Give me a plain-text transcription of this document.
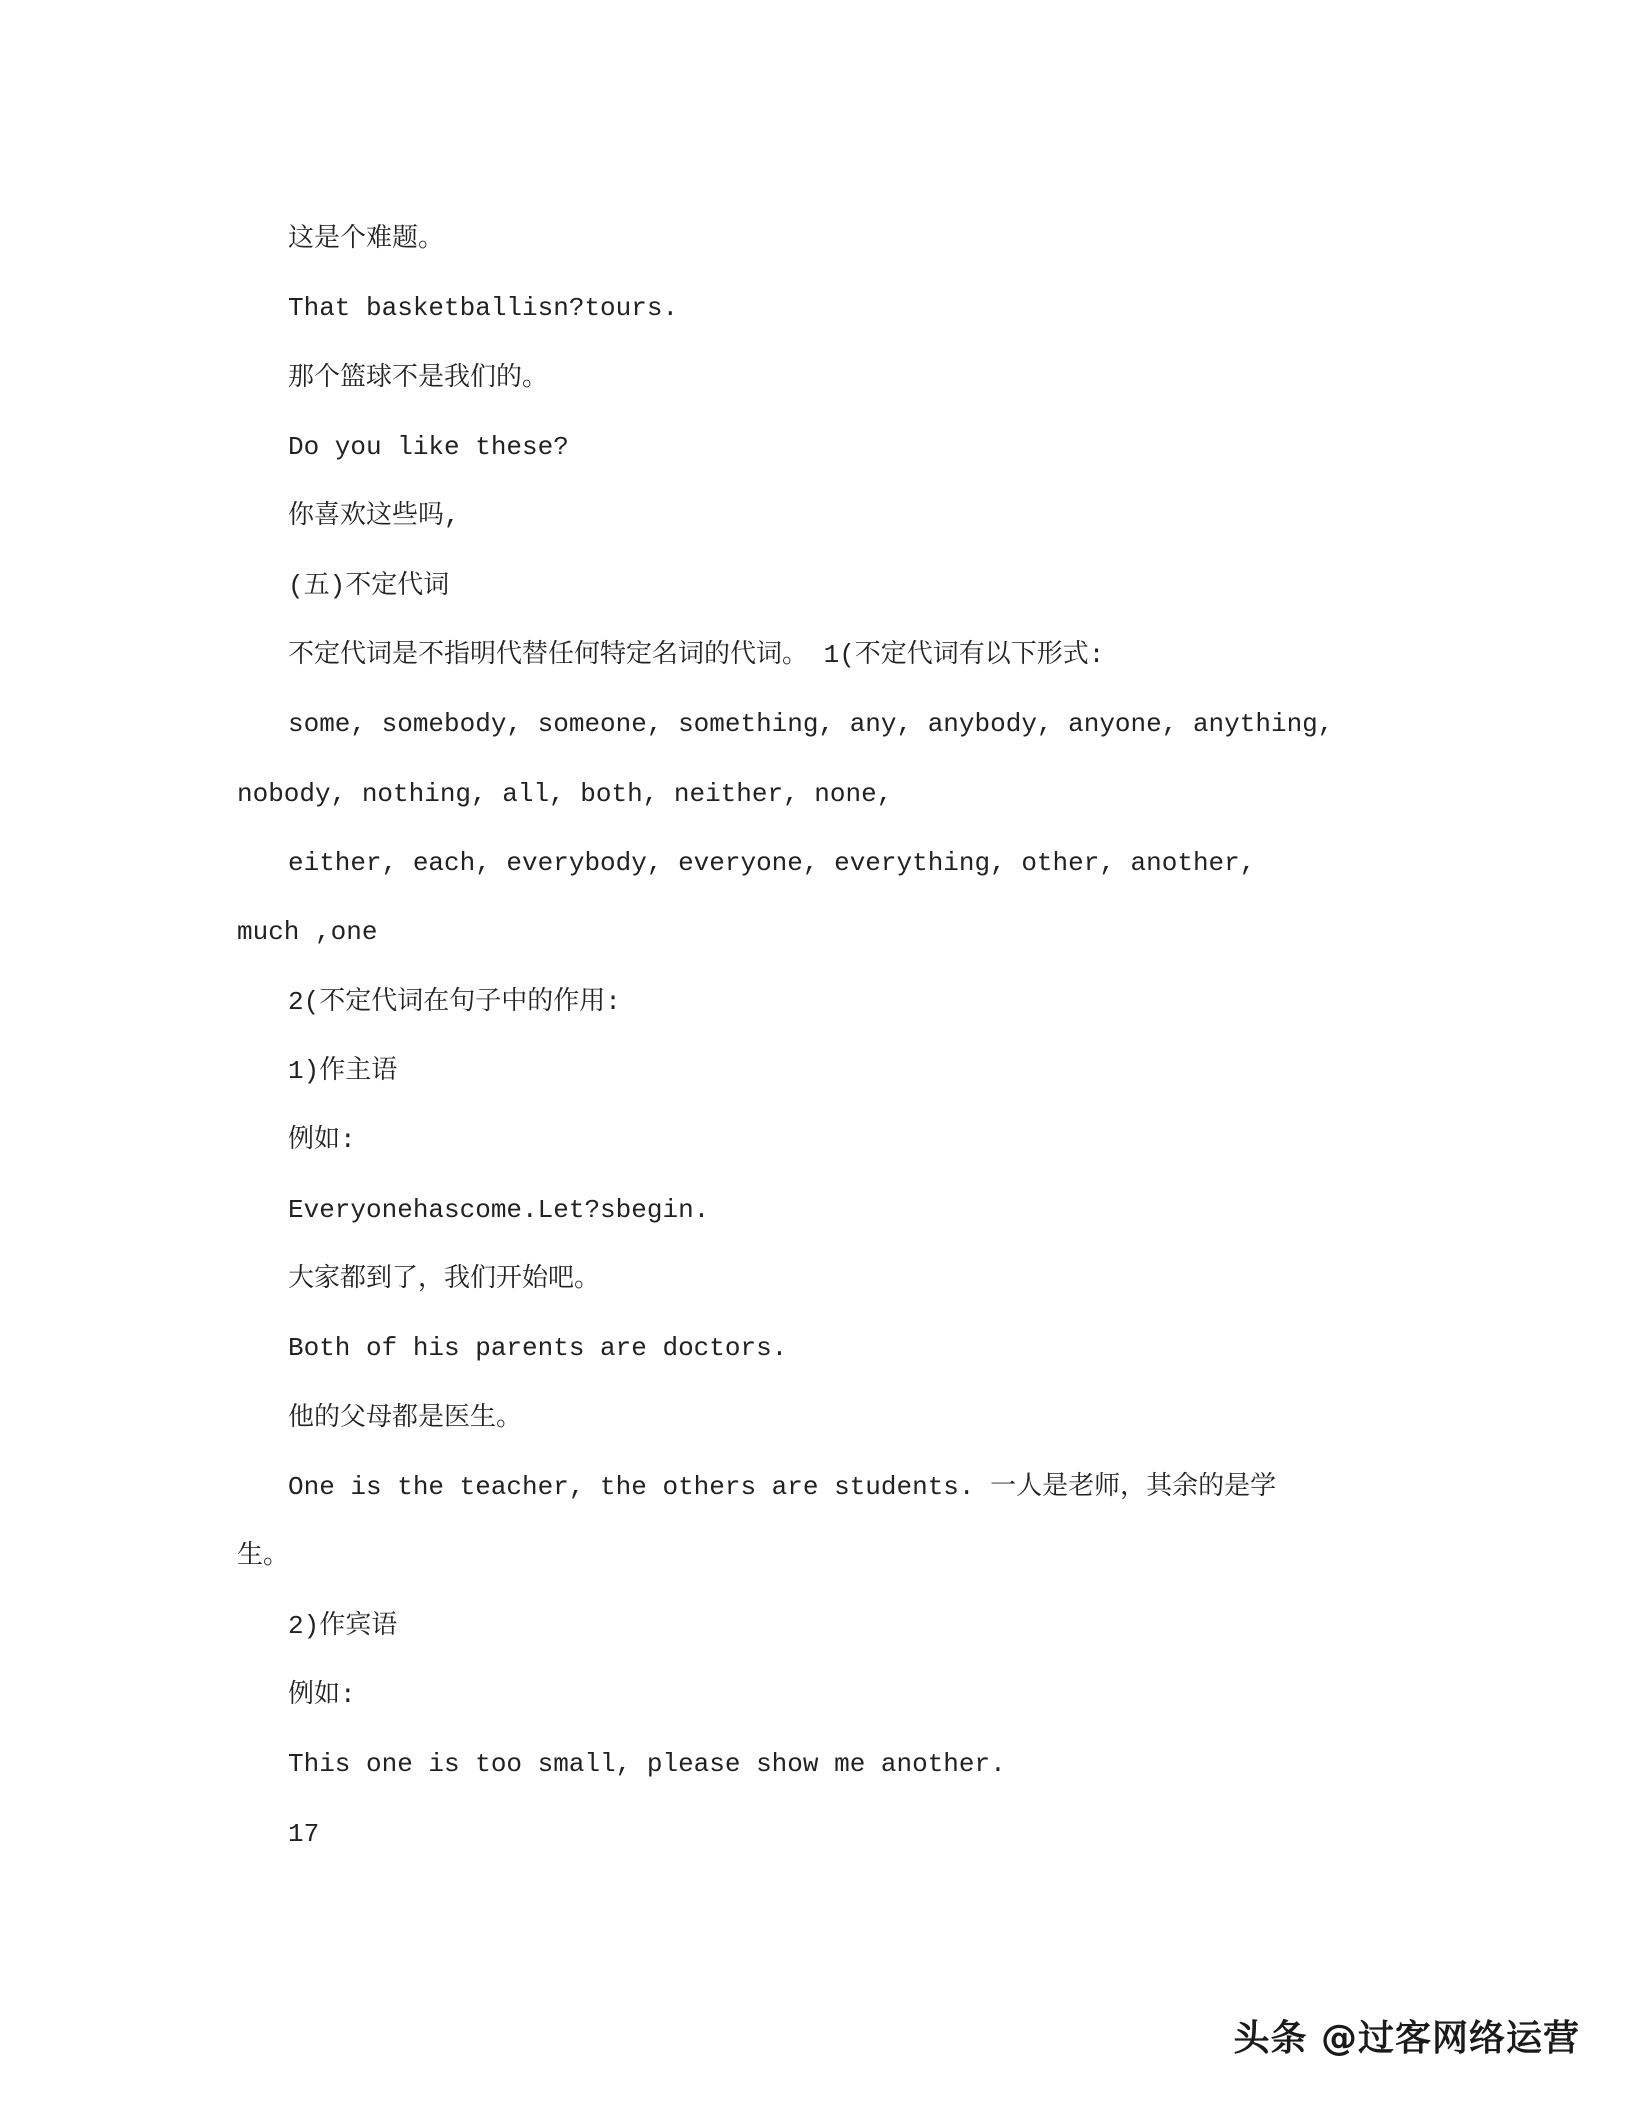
这是个难题。
That basketballisn?tours.
那个篮球不是我们的。
Do you like these?
你喜欢这些吗,
(五)不定代词
不定代词是不指明代替任何特定名词的代词。 1(不定代词有以下形式:
some, somebody, someone, something, any, anybody, anyone, anything,
nobody, nothing, all, both, neither, none,
either, each, everybody, everyone, everything, other, another,
much ,one
2(不定代词在句子中的作用:
1)作主语
例如:
Everyonehascome.Let?sbegin.
大家都到了，我们开始吧。
Both of his parents are doctors.
他的父母都是医生。
One is the teacher, the others are students. 一人是老师，其余的是学
生。
2)作宾语
例如:
This one is too small, please show me another.
17
头条 @过客网络运营
